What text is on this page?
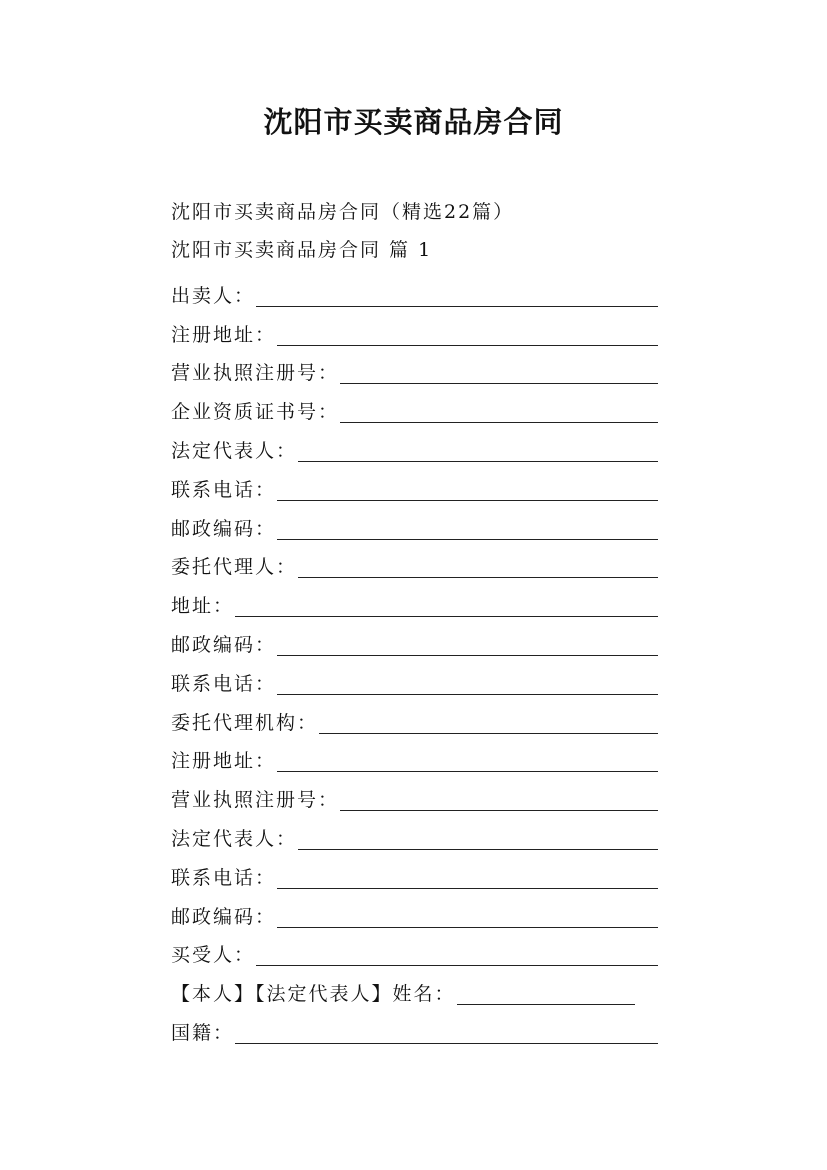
沈阳市买卖商品房合同
沈阳市买卖商品房合同（精选22篇）
沈阳市买卖商品房合同 篇 1
出卖人：
注册地址：
营业执照注册号：
企业资质证书号：
法定代表人：
联系电话：
邮政编码：
委托代理人：
地址：
邮政编码：
联系电话：
委托代理机构：
注册地址：
营业执照注册号：
法定代表人：
联系电话：
邮政编码：
买受人：
【本人】【法定代表人】姓名：
国籍：
